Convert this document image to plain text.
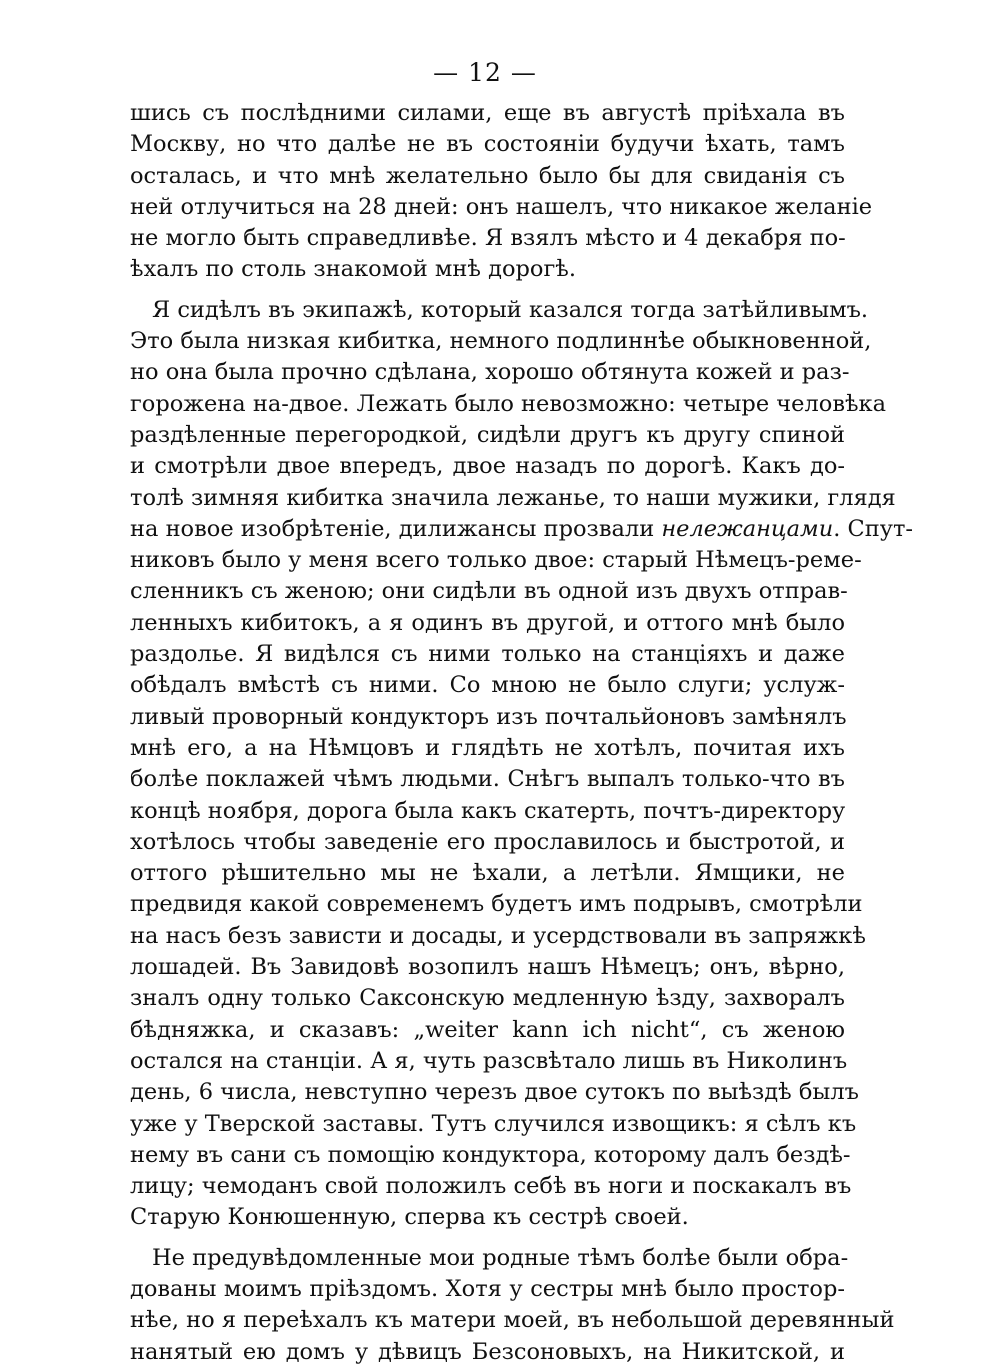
— 12 —
шись съ послѣдними силами, еще въ августѣ пріѣхала въ
Москву, но что далѣе не въ состояніи будучи ѣхать, тамъ
осталась, и что мнѣ желательно было бы для свиданія съ
ней отлучиться на 28 дней: онъ нашелъ, что никакое желаніе
не могло быть справедливѣе. Я взялъ мѣсто и 4 декабря по-
ѣхалъ по столь знакомой мнѣ дорогѣ.
Я сидѣлъ въ экипажѣ, который казался тогда затѣйливымъ.
Это была низкая кибитка, немного подлиннѣе обыкновенной,
но она была прочно сдѣлана, хорошо обтянута кожей и раз-
горожена на-двое. Лежать было невозможно: четыре человѣка
раздѣленные перегородкой, сидѣли другъ къ другу спиной
и смотрѣли двое впередъ, двое назадъ по дорогѣ. Какъ до-
толѣ зимняя кибитка значила лежанье, то наши мужики, глядя
на новое изобрѣтеніе, дилижансы прозвали нележанцами. Спут-
никовъ было у меня всего только двое: старый Нѣмецъ-реме-
сленникъ съ женою; они сидѣли въ одной изъ двухъ отправ-
ленныхъ кибитокъ, а я одинъ въ другой, и оттого мнѣ было
раздолье. Я видѣлся съ ними только на станціяхъ и даже
обѣдалъ вмѣстѣ съ ними. Со мною не было слуги; услуж-
ливый проворный кондукторъ изъ почтальйоновъ замѣнялъ
мнѣ его, а на Нѣмцовъ и глядѣть не хотѣлъ, почитая ихъ
болѣе поклажей чѣмъ людьми. Снѣгъ выпалъ только-что въ
концѣ ноября, дорога была какъ скатерть, почтъ-директору
хотѣлось чтобы заведеніе его прославилось и быстротой, и
оттого рѣшительно мы не ѣхали, а летѣли. Ямщики, не
предвидя какой современемъ будетъ имъ подрывъ, смотрѣли
на насъ безъ зависти и досады, и усердствовали въ запряжкѣ
лошадей. Въ Завидовѣ возопилъ нашъ Нѣмецъ; онъ, вѣрно,
зналъ одну только Саксонскую медленную ѣзду, захворалъ
бѣдняжка, и сказавъ: „weiter kann ich nicht“, съ женою
остался на станціи. А я, чуть разсвѣтало лишь въ Николинъ
день, 6 числа, невступно черезъ двое сутокъ по выѣздѣ былъ
уже у Тверской заставы. Тутъ случился извощикъ: я сѣлъ къ
нему въ сани съ помощію кондуктора, которому далъ бездѣ-
лицу; чемоданъ свой положилъ себѣ въ ноги и поскакалъ въ
Старую Конюшенную, сперва къ сестрѣ своей.
Не предувѣдомленные мои родные тѣмъ болѣе были обра-
дованы моимъ пріѣздомъ. Хотя у сестры мнѣ было простор-
нѣе, но я переѣхалъ къ матери моей, въ небольшой деревянный
нанятый ею домъ у дѣвицъ Безсоновыхъ, на Никитской, и
